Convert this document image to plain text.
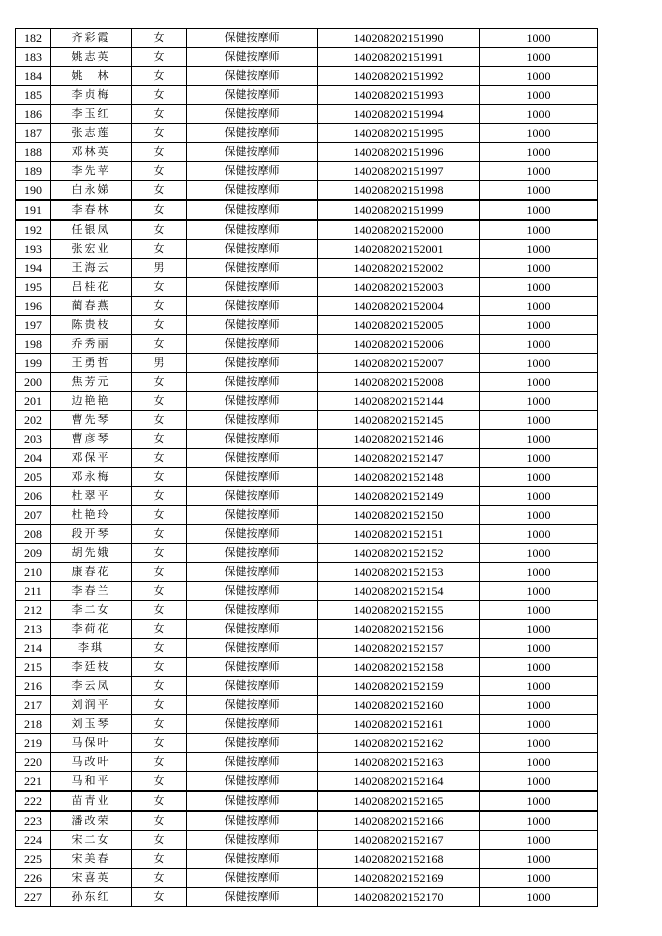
182	齐彩霞	女	保健按摩师	140208202151990	1000
183	姚志英	女	保健按摩师	140208202151991	1000
184	姚　林	女	保健按摩师	140208202151992	1000
185	李贞梅	女	保健按摩师	140208202151993	1000
186	李玉红	女	保健按摩师	140208202151994	1000
187	张志莲	女	保健按摩师	140208202151995	1000
188	邓林英	女	保健按摩师	140208202151996	1000
189	李先苹	女	保健按摩师	140208202151997	1000
190	白永娣	女	保健按摩师	140208202151998	1000
191	李春林	女	保健按摩师	140208202151999	1000
192	任银凤	女	保健按摩师	140208202152000	1000
193	张宏业	女	保健按摩师	140208202152001	1000
194	王海云	男	保健按摩师	140208202152002	1000
195	吕桂花	女	保健按摩师	140208202152003	1000
196	蔺春燕	女	保健按摩师	140208202152004	1000
197	陈贵枝	女	保健按摩师	140208202152005	1000
198	乔秀丽	女	保健按摩师	140208202152006	1000
199	王勇哲	男	保健按摩师	140208202152007	1000
200	焦芳元	女	保健按摩师	140208202152008	1000
201	边艳艳	女	保健按摩师	140208202152144	1000
202	曹先琴	女	保健按摩师	140208202152145	1000
203	曹彦琴	女	保健按摩师	140208202152146	1000
204	邓保平	女	保健按摩师	140208202152147	1000
205	邓永梅	女	保健按摩师	140208202152148	1000
206	杜翠平	女	保健按摩师	140208202152149	1000
207	杜艳玲	女	保健按摩师	140208202152150	1000
208	段开琴	女	保健按摩师	140208202152151	1000
209	胡先娥	女	保健按摩师	140208202152152	1000
210	康春花	女	保健按摩师	140208202152153	1000
211	李春兰	女	保健按摩师	140208202152154	1000
212	李二女	女	保健按摩师	140208202152155	1000
213	李荷花	女	保健按摩师	140208202152156	1000
214	李琪	女	保健按摩师	140208202152157	1000
215	李廷枝	女	保健按摩师	140208202152158	1000
216	李云凤	女	保健按摩师	140208202152159	1000
217	刘润平	女	保健按摩师	140208202152160	1000
218	刘玉琴	女	保健按摩师	140208202152161	1000
219	马保叶	女	保健按摩师	140208202152162	1000
220	马改叶	女	保健按摩师	140208202152163	1000
221	马和平	女	保健按摩师	140208202152164	1000
222	苗青业	女	保健按摩师	140208202152165	1000
223	潘改荣	女	保健按摩师	140208202152166	1000
224	宋二女	女	保健按摩师	140208202152167	1000
225	宋美春	女	保健按摩师	140208202152168	1000
226	宋喜英	女	保健按摩师	140208202152169	1000
227	孙东红	女	保健按摩师	140208202152170	1000
